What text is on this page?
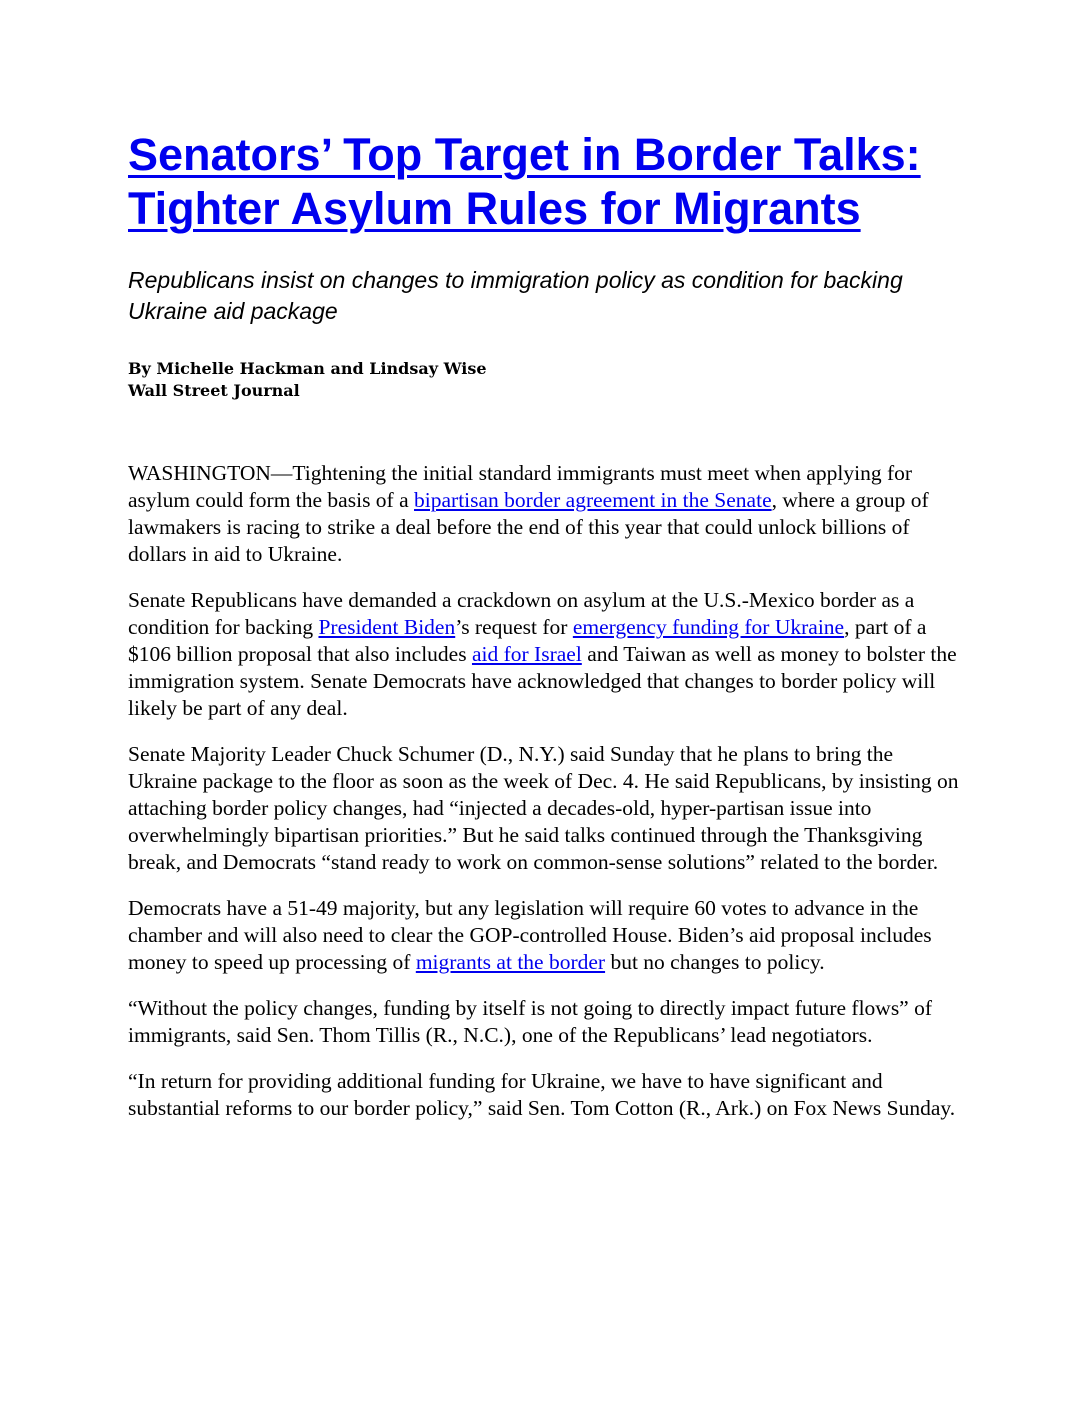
Senators’ Top Target in Border Talks: Tighter Asylum Rules for Migrants

Republicans insist on changes to immigration policy as condition for backing Ukraine aid package

By Michelle Hackman and Lindsay Wise
Wall Street Journal

WASHINGTON—Tightening the initial standard immigrants must meet when applying for asylum could form the basis of a bipartisan border agreement in the Senate, where a group of lawmakers is racing to strike a deal before the end of this year that could unlock billions of dollars in aid to Ukraine.

Senate Republicans have demanded a crackdown on asylum at the U.S.-Mexico border as a condition for backing President Biden’s request for emergency funding for Ukraine, part of a $106 billion proposal that also includes aid for Israel and Taiwan as well as money to bolster the immigration system. Senate Democrats have acknowledged that changes to border policy will likely be part of any deal.

Senate Majority Leader Chuck Schumer (D., N.Y.) said Sunday that he plans to bring the Ukraine package to the floor as soon as the week of Dec. 4. He said Republicans, by insisting on attaching border policy changes, had “injected a decades-old, hyper-partisan issue into overwhelmingly bipartisan priorities.” But he said talks continued through the Thanksgiving break, and Democrats “stand ready to work on common-sense solutions” related to the border.

Democrats have a 51-49 majority, but any legislation will require 60 votes to advance in the chamber and will also need to clear the GOP-controlled House. Biden’s aid proposal includes money to speed up processing of migrants at the border but no changes to policy.

“Without the policy changes, funding by itself is not going to directly impact future flows” of immigrants, said Sen. Thom Tillis (R., N.C.), one of the Republicans’ lead negotiators.

“In return for providing additional funding for Ukraine, we have to have significant and substantial reforms to our border policy,” said Sen. Tom Cotton (R., Ark.) on Fox News Sunday.
